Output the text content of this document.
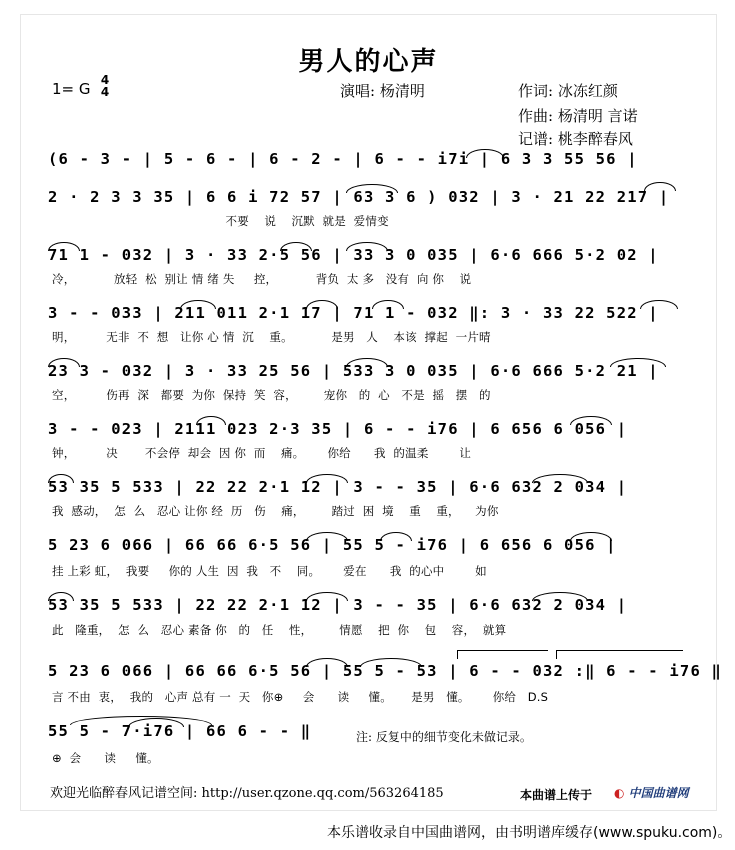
男人的心声
1= G 4
4	演唱: 杨清明	作词: 冰冻红颜
作曲: 杨清明 言诺
记谱: 桃李醉春风
(6 - 3 - | 5 - 6 - | 6 - 2 - | 6 - - i7i | 6 3 3 55 56 |
2 · 2 3 3 35 | 6 6 i 72 57 | 63 3 6 ) 032 | 3 · 21 22 217 |
不要    说    沉默  就是  爱情变
71 1 - 032 | 3 · 33 2·5 56 | 33 3 0 035 | 6·6 666 5·2 02 |
冷，          放轻  松  别让 情 绪 失     控，          背负  太 多   没有  向 你    说
3 - - 033 | 211 011 2·1 17 | 71 1 - 032 ‖: 3 · 33 22 522 |
明，        无非  不  想   让你 心 情  沉    重。          是男   人    本该  撑起  一片晴
23 3 - 032 | 3 · 33 25 56 | 533 3 0 035 | 6·6 666 5·2 21 |
空，        伤再  深   都要  为你  保持  笑  容，       宠你   的  心   不是  摇   摆   的
3 - - 023 | 2111 023 2·3 35 | 6 - - i76 | 6 656 6 056 |
钟，        决       不会停  却会  因 你  而    痛。      你给      我  的温柔        让
53 35 5 533 | 22 22 2·1 12 | 3 - - 35 | 6·6 632 2 034 |
我  感动，  怎  么   忍心 让你 经  历   伤    痛，       踏过  困  境    重    重，    为你
5 23 6 066 | 66 66 6·5 56 | 55 5 - i76 | 6 656 6 056 |
挂 上彩 虹，  我要     你的 人生  因  我   不    同。      爱在      我  的心中        如
53 35 5 533 | 22 22 2·1 12 | 3 - - 35 | 6·6 632 2 034 |
此   隆重，  怎  么   忍心 素备 你   的   任    性，       情愿    把  你    包    容，  就算
5 23 6 066 | 66 66 6·5 56 | 55 5 - 53 | 6 - - 032 :‖ 6 - - i76 ‖
言 不由  衷，  我的   心声 总有 一  天   你⊕     会      读     懂。     是男   懂。      你给   D.S
55 5 - 7·i76 | 66 6 - - ‖
⊕  会      读     懂。
注: 反复中的细节变化未做记录。
欢迎光临醉春风记谱空间: http://user.qzone.qq.com/563264185	本曲谱上传于 ◐ 中国曲谱网
本乐谱收录自中国曲谱网，由书明谱库缓存(www.spuku.com)。
